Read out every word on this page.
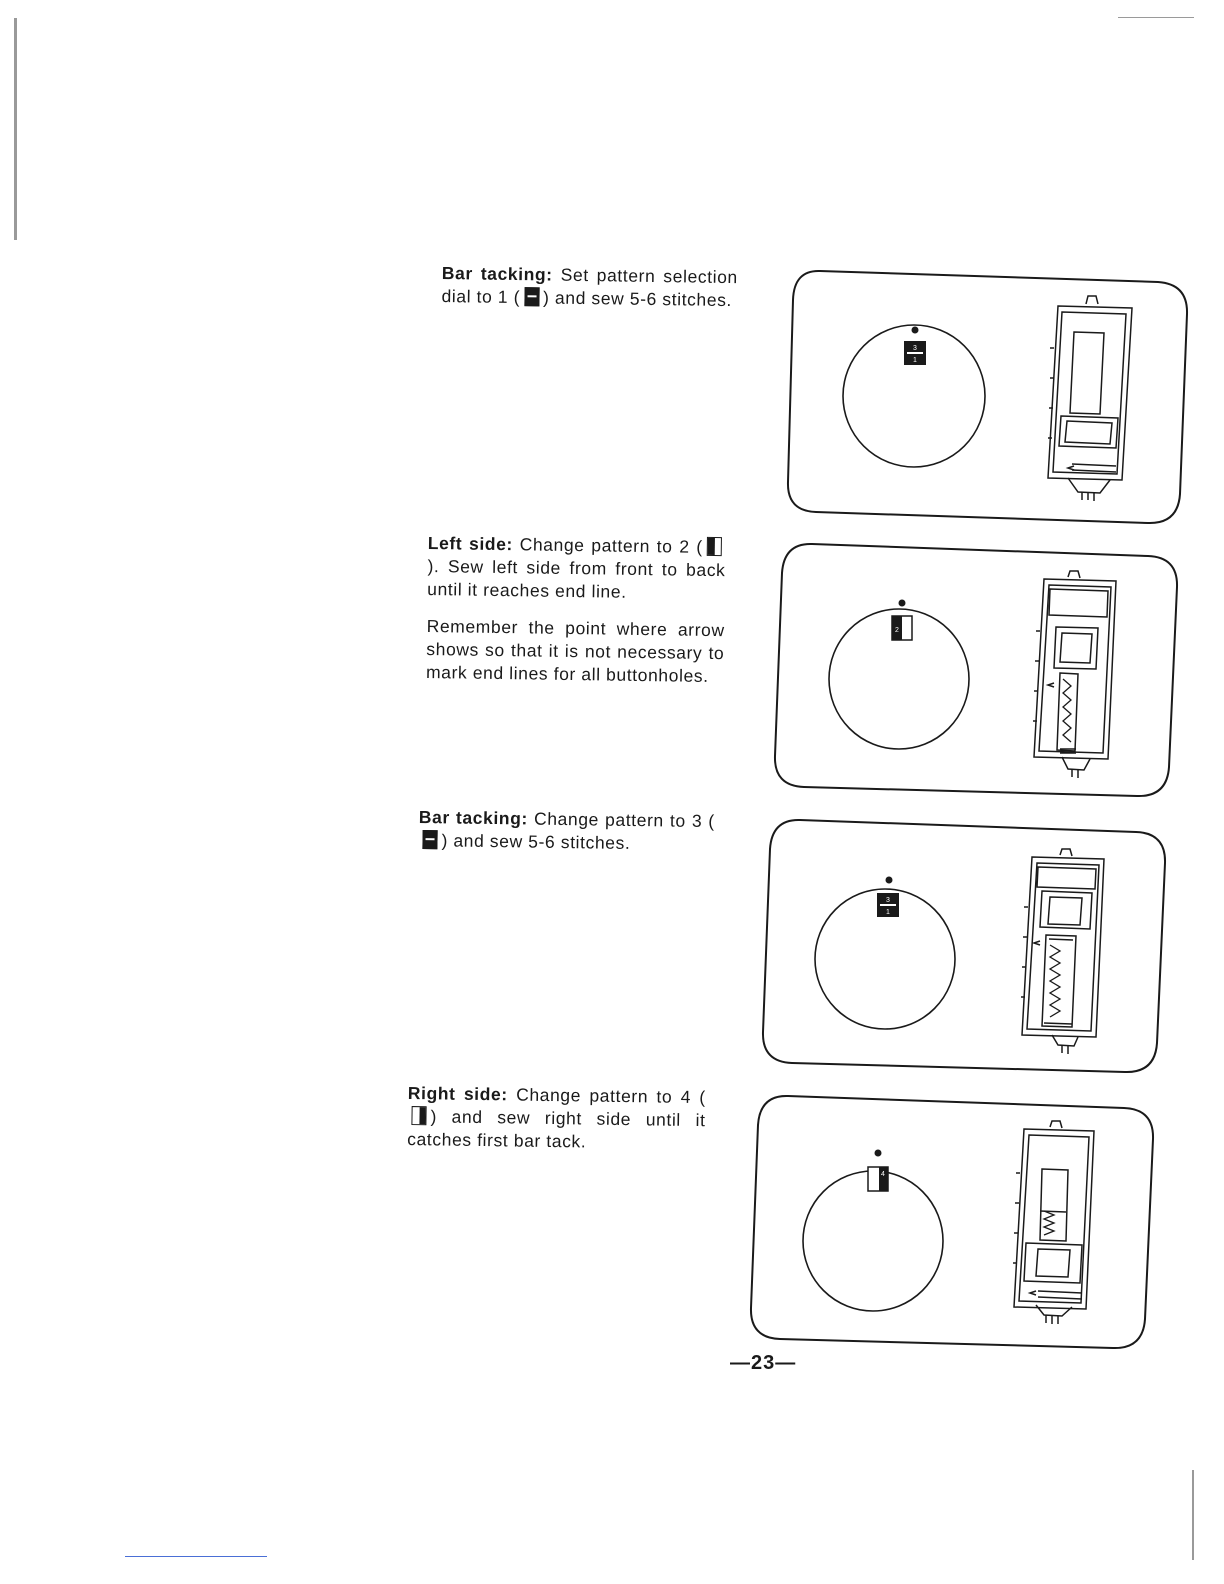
Bar tacking: Set pattern selection dial to 1 ( ) and sew 5-6 stitches.

Left side: Change pattern to 2 (
). Sew left side from front to back until it reaches end line.

Remember the point where arrow shows so that it is not necessary to mark end lines for all buttonholes.

Bar tacking: Change pattern to 3 (
) and sew 5-6 stitches.

Right side: Change pattern to 4 (
) and sew right side until it catches first bar tack.

3
1
2
3
1
4
—23—
